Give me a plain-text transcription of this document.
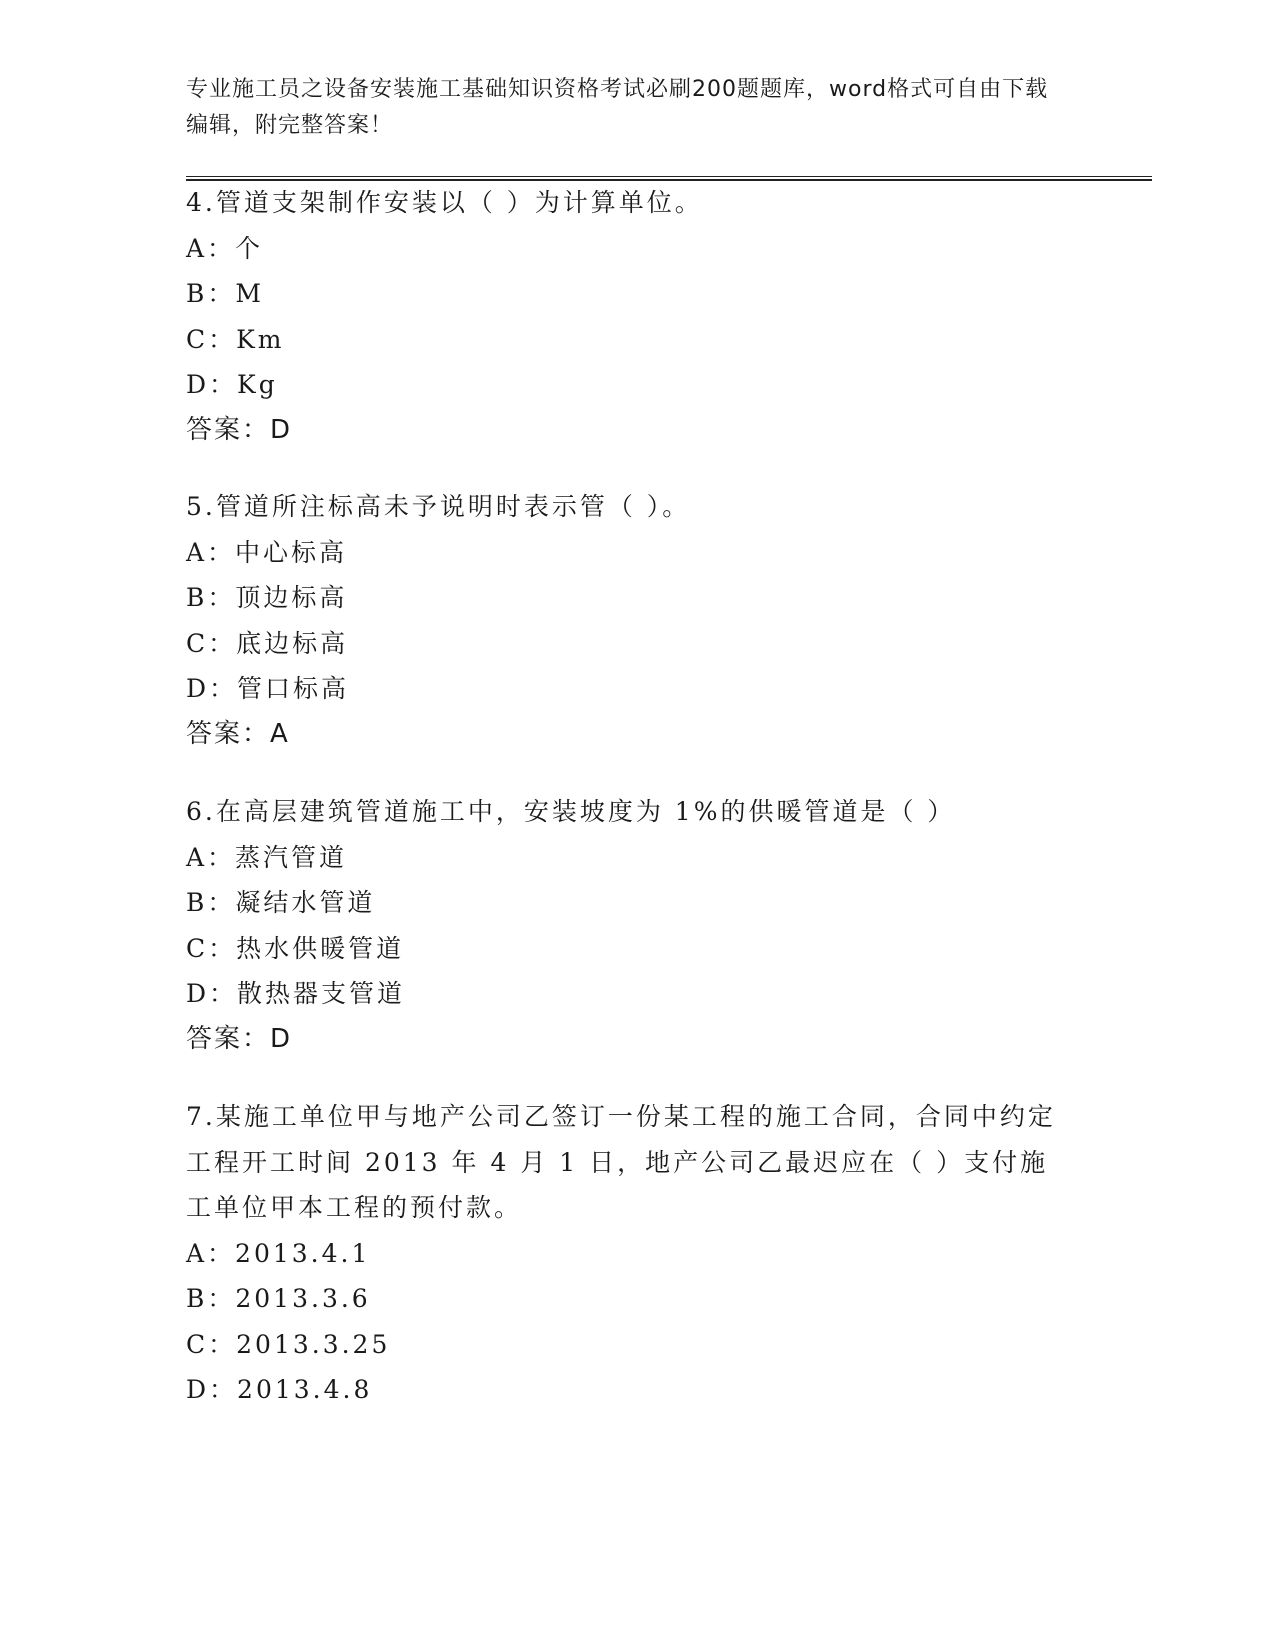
专业施工员之设备安装施工基础知识资格考试必刷200题题库，word格式可自由下载编辑，附完整答案！

4.管道支架制作安装以（ ）为计算单位。

A：个

B：M

C：Km

D：Kg

答案：D

5.管道所注标高未予说明时表示管（ ）。

A：中心标高

B：顶边标高

C：底边标高

D：管口标高

答案：A

6.在高层建筑管道施工中，安装坡度为 1%的供暖管道是（ ）

A：蒸汽管道

B：凝结水管道

C：热水供暖管道

D：散热器支管道

答案：D

7.某施工单位甲与地产公司乙签订一份某工程的施工合同，合同中约定工程开工时间 2013 年 4 月 1 日，地产公司乙最迟应在（ ）支付施工单位甲本工程的预付款。

A：2013.4.1

B：2013.3.6

C：2013.3.25

D：2013.4.8
